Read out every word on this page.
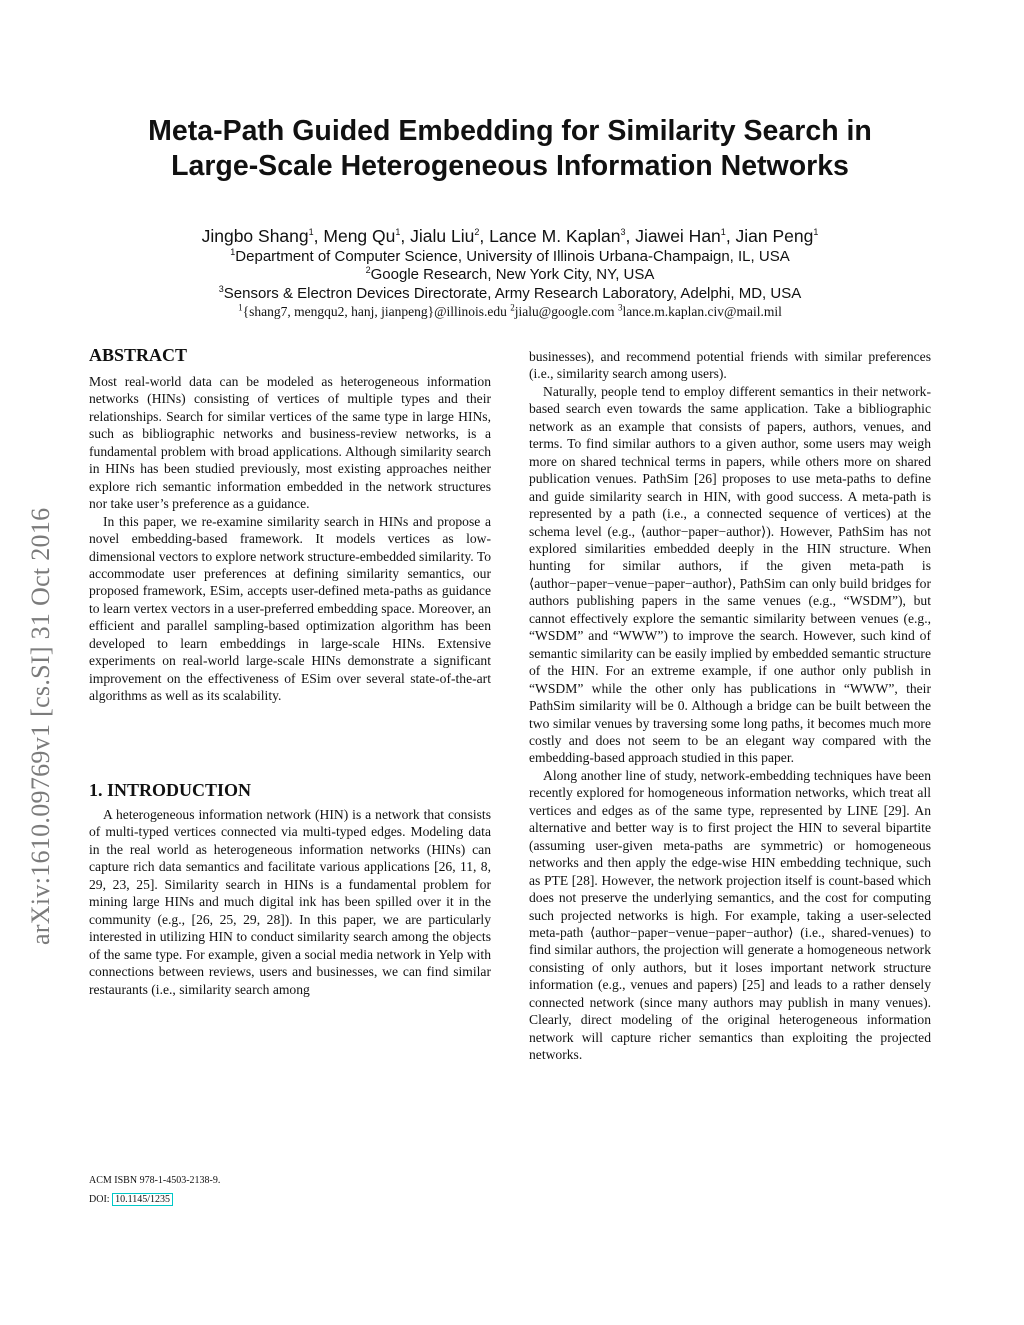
Meta-Path Guided Embedding for Similarity Search in
Large-Scale Heterogeneous Information Networks
Jingbo Shang$^1$, Meng Qu$^1$, Jialu Liu$^2$, Lance M. Kaplan$^3$, Jiawei Han$^1$, Jian Peng$^1$
$^1$Department of Computer Science, University of Illinois Urbana-Champaign, IL, USA
$^2$Google Research, New York City, NY, USA
$^3$Sensors & Electron Devices Directorate, Army Research Laboratory, Adelphi, MD, USA
$^1${shang7, mengqu2, hanj, jianpeng}@illinois.edu $^2$jialu@google.com $^3$lance.m.kaplan.civ@mail.mil
arXiv:1610.09769v1 [cs.SI] 31 Oct 2016
ABSTRACT

Most real-world data can be modeled as heterogeneous information networks (HINs) consisting of vertices of multiple types and their relationships. Search for similar vertices of the same type in large HINs, such as bibliographic networks and business-review networks, is a fundamental problem with broad applications. Although similarity search in HINs has been studied previously, most existing approaches neither explore rich semantic information embedded in the network structures nor take user’s preference as a guidance.

In this paper, we re-examine similarity search in HINs and propose a novel embedding-based framework. It models vertices as low-dimensional vectors to explore network structure-embedded similarity. To accommodate user preferences at defining similarity semantics, our proposed framework, ESim, accepts user-defined meta-paths as guidance to learn vertex vectors in a user-preferred embedding space. Moreover, an efficient and parallel sampling-based optimization algorithm has been developed to learn embeddings in large-scale HINs. Extensive experiments on real-world large-scale HINs demonstrate a significant improvement on the effectiveness of ESim over several state-of-the-art algorithms as well as its scalability.

1. INTRODUCTION

A heterogeneous information network (HIN) is a network that consists of multi-typed vertices connected via multi-typed edges. Modeling data in the real world as heterogeneous information networks (HINs) can capture rich data semantics and facilitate various applications [26, 11, 8, 29, 23, 25]. Similarity search in HINs is a fundamental problem for mining large HINs and much digital ink has been spilled over it in the community (e.g., [26, 25, 29, 28]). In this paper, we are particularly interested in utilizing HIN to conduct similarity search among the objects of the same type. For example, given a social media network in Yelp with connections between reviews, users and businesses, we can find similar restaurants (i.e., similarity search among

businesses), and recommend potential friends with similar preferences (i.e., similarity search among users).

Naturally, people tend to employ different semantics in their network-based search even towards the same application. Take a bibliographic network as an example that consists of papers, authors, venues, and terms. To find similar authors to a given author, some users may weigh more on shared technical terms in papers, while others more on shared publication venues. PathSim [26] proposes to use meta-paths to define and guide similarity search in HIN, with good success. A meta-path is represented by a path (i.e., a connected sequence of vertices) at the schema level (e.g., ⟨author−paper−author⟩). However, PathSim has not explored similarities embedded deeply in the HIN structure. When hunting for similar authors, if the given meta-path is ⟨author−paper−venue−paper−author⟩, PathSim can only build bridges for authors publishing papers in the same venues (e.g., “WSDM”), but cannot effectively explore the semantic similarity between venues (e.g., “WSDM” and “WWW”) to improve the search. However, such kind of semantic similarity can be easily implied by embedded semantic structure of the HIN. For an extreme example, if one author only publish in “WSDM” while the other only has publications in “WWW”, their PathSim similarity will be 0. Although a bridge can be built between the two similar venues by traversing some long paths, it becomes much more costly and does not seem to be an elegant way compared with the embedding-based approach studied in this paper.

Along another line of study, network-embedding techniques have been recently explored for homogeneous information networks, which treat all vertices and edges as of the same type, represented by LINE [29]. An alternative and better way is to first project the HIN to several bipartite (assuming user-given meta-paths are symmetric) or homogeneous networks and then apply the edge-wise HIN embedding technique, such as PTE [28]. However, the network projection itself is count-based which does not preserve the underlying semantics, and the cost for computing such projected networks is high. For example, taking a user-selected meta-path ⟨author−paper−venue−paper−author⟩ (i.e., shared-venues) to find similar authors, the projection will generate a homogeneous network consisting of only authors, but it loses important network structure information (e.g., venues and papers) [25] and leads to a rather densely connected network (since many authors may publish in many venues). Clearly, direct modeling of the original heterogeneous information network will capture richer semantics than exploiting the projected networks.

ACM ISBN 978-1-4503-2138-9.
DOI: 10.1145/1235
